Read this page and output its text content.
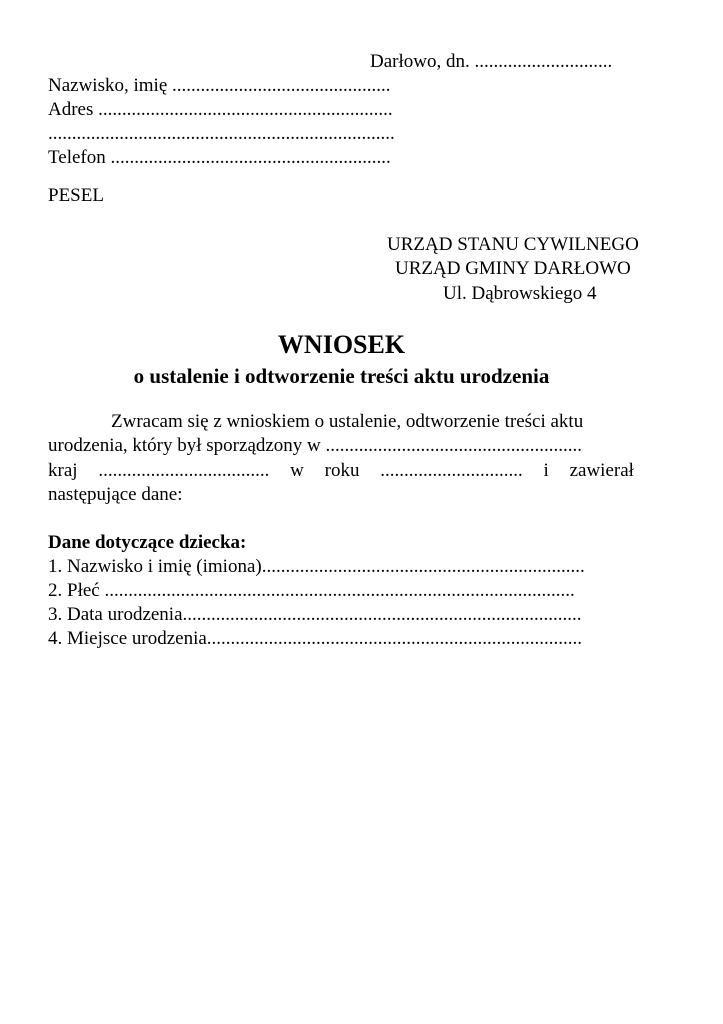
Darłowo, dn. .............................
Nazwisko, imię ..............................................
Adres ..............................................................
.........................................................................
Telefon ...........................................................
PESEL
URZĄD STANU CYWILNEGO
URZĄD GMINY DARŁOWO
Ul. Dąbrowskiego 4
WNIOSEK
o ustalenie i odtworzenie treści aktu urodzenia
Zwracam się z wnioskiem o ustalenie, odtworzenie treści aktu
urodzenia, który był sporządzony w ......................................................
kraj .................................... w roku .............................. i zawierał
następujące dane:
Dane dotyczące dziecka:
1. Nazwisko i imię (imiona)....................................................................
2. Płeć ...................................................................................................
3. Data urodzenia....................................................................................
4. Miejsce urodzenia...............................................................................
